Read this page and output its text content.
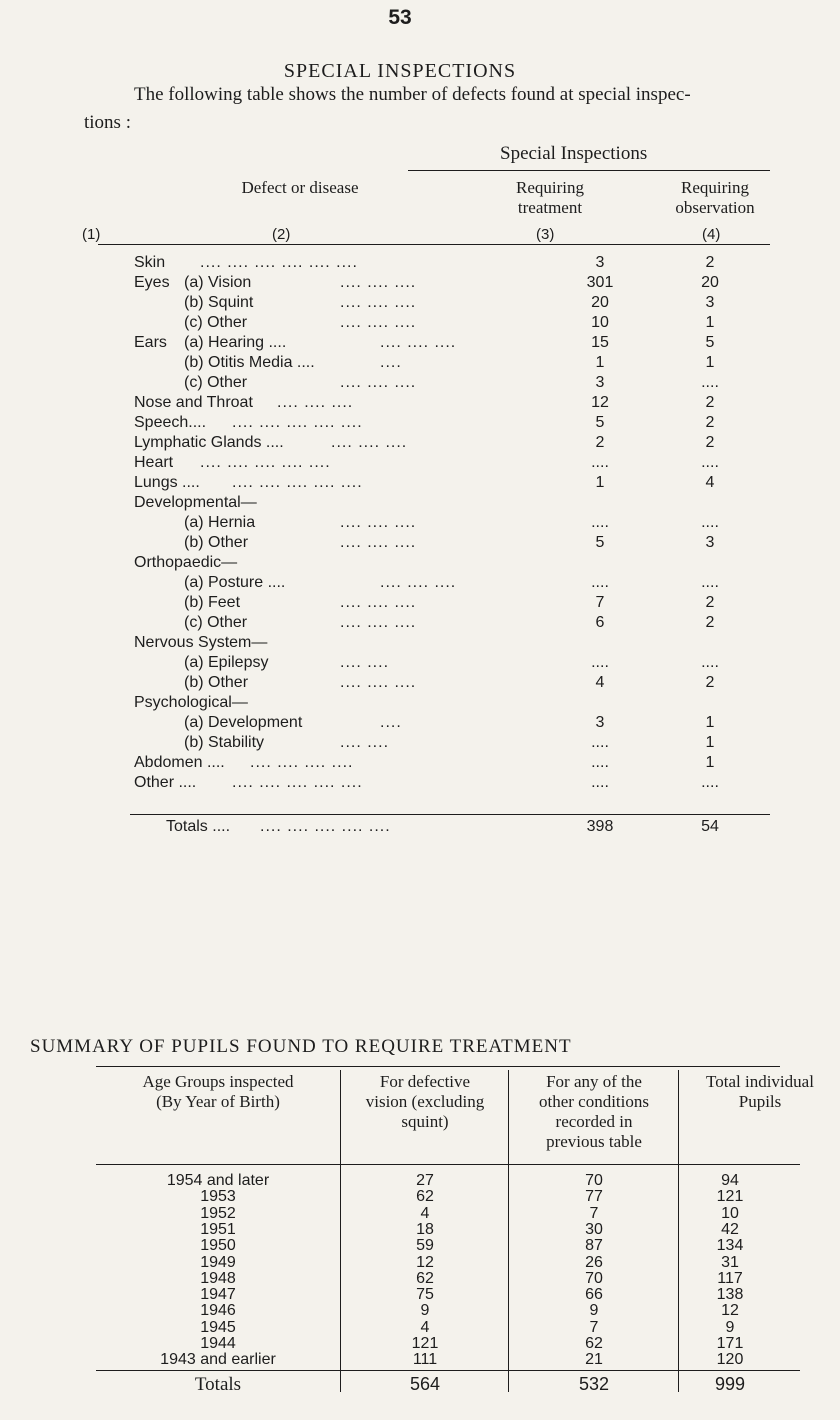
53
SPECIAL INSPECTIONS
The following table shows the number of defects found at special inspec-
tions :
Special Inspections
Defect or disease	Requiring
treatment
Requiring
observation
(1)	(2)	(3)	(4)
Skin .... .... .... .... .... ....	3	2
Eyes (a) Vision	.... .... ....	301	20
(b) Squint	.... .... ....	20	3
(c) Other	.... .... ....	10	1
Ears (a) Hearing ....	.... .... ....	15	5
(b) Otitis Media ....	....	1	1
(c) Other	.... .... ....	3	....
Nose and Throat .... .... ....	12	2
Speech.... .... .... .... .... ....	5	2
Lymphatic Glands ....	.... .... ....	2	2
Heart .... .... .... .... ....	....	....
Lungs .... .... .... .... .... ....	1	4
Developmental—
(a) Hernia	.... .... ....	....	....
(b) Other	.... .... ....	5	3
Orthopaedic—
(a) Posture ....	.... .... ....	....	....
(b) Feet	.... .... ....	7	2
(c) Other	.... .... ....	6	2
Nervous System—
(a) Epilepsy	.... ....	....	....
(b) Other	.... .... ....	4	2
Psychological—
(a) Development	....	3	1
(b) Stability	.... ....	....	1
Abdomen .... .... .... .... ....	....	1
Other .... .... .... .... .... ....	....	....
Totals .... .... .... .... .... ....	398	54
SUMMARY OF PUPILS FOUND TO REQUIRE TREATMENT
Age Groups inspected
(By Year of Birth)
For defective
vision (excluding
squint)
For any of the
other conditions
recorded in
previous table
Total individual
Pupils
1954 and later	27	70	94
1953	62	77	121
1952	4	7	10
1951	18	30	42
1950	59	87	134
1949	12	26	31
1948	62	70	117
1947	75	66	138
1946	9	9	12
1945	4	7	9
1944	121	62	171
1943 and earlier	111	21	120
Totals	564	532	999
